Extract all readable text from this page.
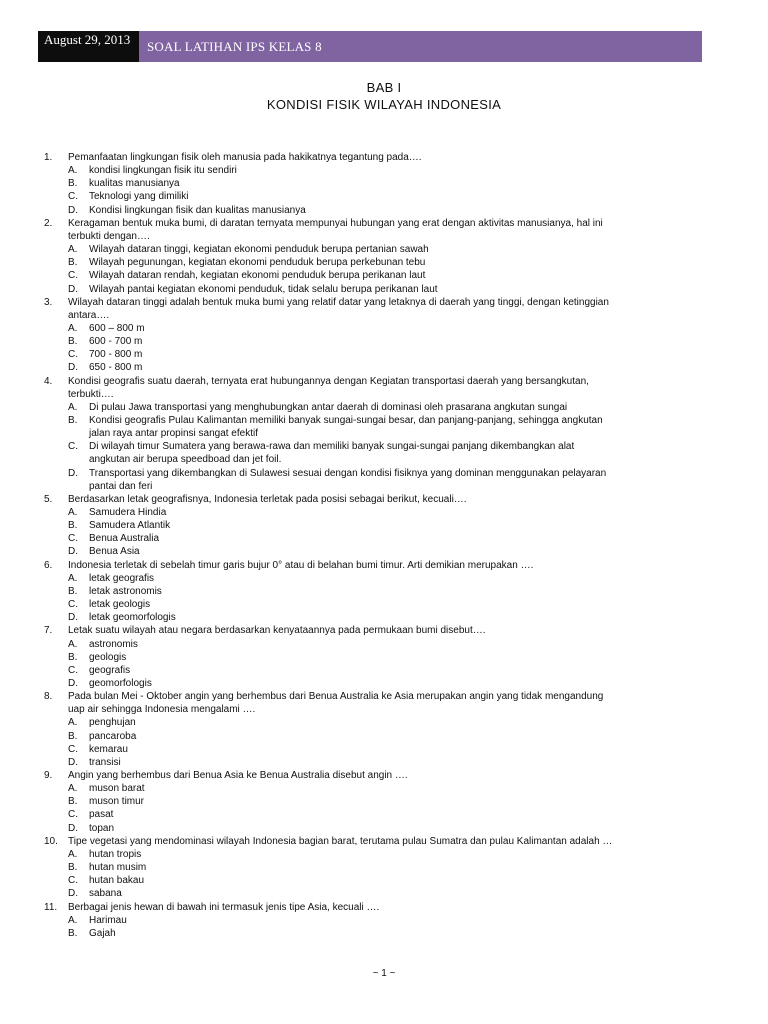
August 29, 2013	SOAL LATIHAN IPS KELAS 8
BAB I
KONDISI FISIK WILAYAH INDONESIA
1. Pemanfaatan lingkungan fisik oleh manusia pada hakikatnya tegantung pada….
A. kondisi lingkungan fisik itu sendiri
B. kualitas manusianya
C. Teknologi yang dimiliki
D. Kondisi lingkungan fisik dan kualitas manusianya
2. Keragaman bentuk muka bumi, di daratan ternyata mempunyai hubungan yang erat dengan aktivitas manusianya, hal ini
terbukti dengan….
A. Wilayah dataran tinggi, kegiatan ekonomi penduduk berupa pertanian sawah
B. Wilayah pegunungan, kegiatan ekonomi penduduk berupa perkebunan tebu
C. Wilayah dataran rendah, kegiatan ekonomi penduduk berupa perikanan laut
D. Wilayah pantai kegiatan ekonomi penduduk, tidak selalu berupa perikanan laut
3. Wilayah dataran tinggi adalah bentuk muka bumi yang relatif datar yang letaknya di daerah yang tinggi, dengan ketinggian
antara….
A. 600 – 800 m
B. 600 - 700 m
C. 700 - 800 m
D. 650 - 800 m
4. Kondisi geografis suatu daerah, ternyata erat hubungannya dengan Kegiatan transportasi daerah yang bersangkutan,
terbukti….
A. Di pulau Jawa transportasi yang menghubungkan antar daerah di dominasi oleh prasarana angkutan sungai
B. Kondisi geografis Pulau Kalimantan memiliki banyak sungai-sungai besar, dan panjang-panjang, sehingga angkutan
jalan raya antar propinsi sangat efektif
C. Di wilayah timur Sumatera yang berawa-rawa dan memiliki banyak sungai-sungai panjang dikembangkan alat
angkutan air berupa speedboad dan jet foil.
D. Transportasi yang dikembangkan di Sulawesi sesuai dengan kondisi fisiknya yang dominan menggunakan pelayaran
pantai dan feri
5. Berdasarkan letak geografisnya, Indonesia terletak pada posisi sebagai berikut, kecuali….
A. Samudera Hindia
B. Samudera Atlantik
C. Benua Australia
D. Benua Asia
6. Indonesia terletak di sebelah timur garis bujur 0° atau di belahan bumi timur. Arti demikian merupakan ….
A. letak geografis
B. letak astronomis
C. letak geologis
D. letak geomorfologis
7. Letak suatu wilayah atau negara berdasarkan kenyataannya pada permukaan bumi disebut….
A. astronomis
B. geologis
C. geografis
D. geomorfologis
8. Pada bulan Mei - Oktober angin yang berhembus dari Benua Australia ke Asia merupakan angin yang tidak mengandung
uap air sehingga Indonesia mengalami ….
A. penghujan
B. pancaroba
C. kemarau
D. transisi
9. Angin yang berhembus dari Benua Asia ke Benua Australia disebut angin ….
A. muson barat
B. muson timur
C. pasat
D. topan
10. Tipe vegetasi yang mendominasi wilayah Indonesia bagian barat, terutama pulau Sumatra dan pulau Kalimantan adalah …
A. hutan tropis
B. hutan musim
C. hutan bakau
D. sabana
11. Berbagai jenis hewan di bawah ini termasuk jenis tipe Asia, kecuali ….
A. Harimau
B. Gajah
~ 1 ~
